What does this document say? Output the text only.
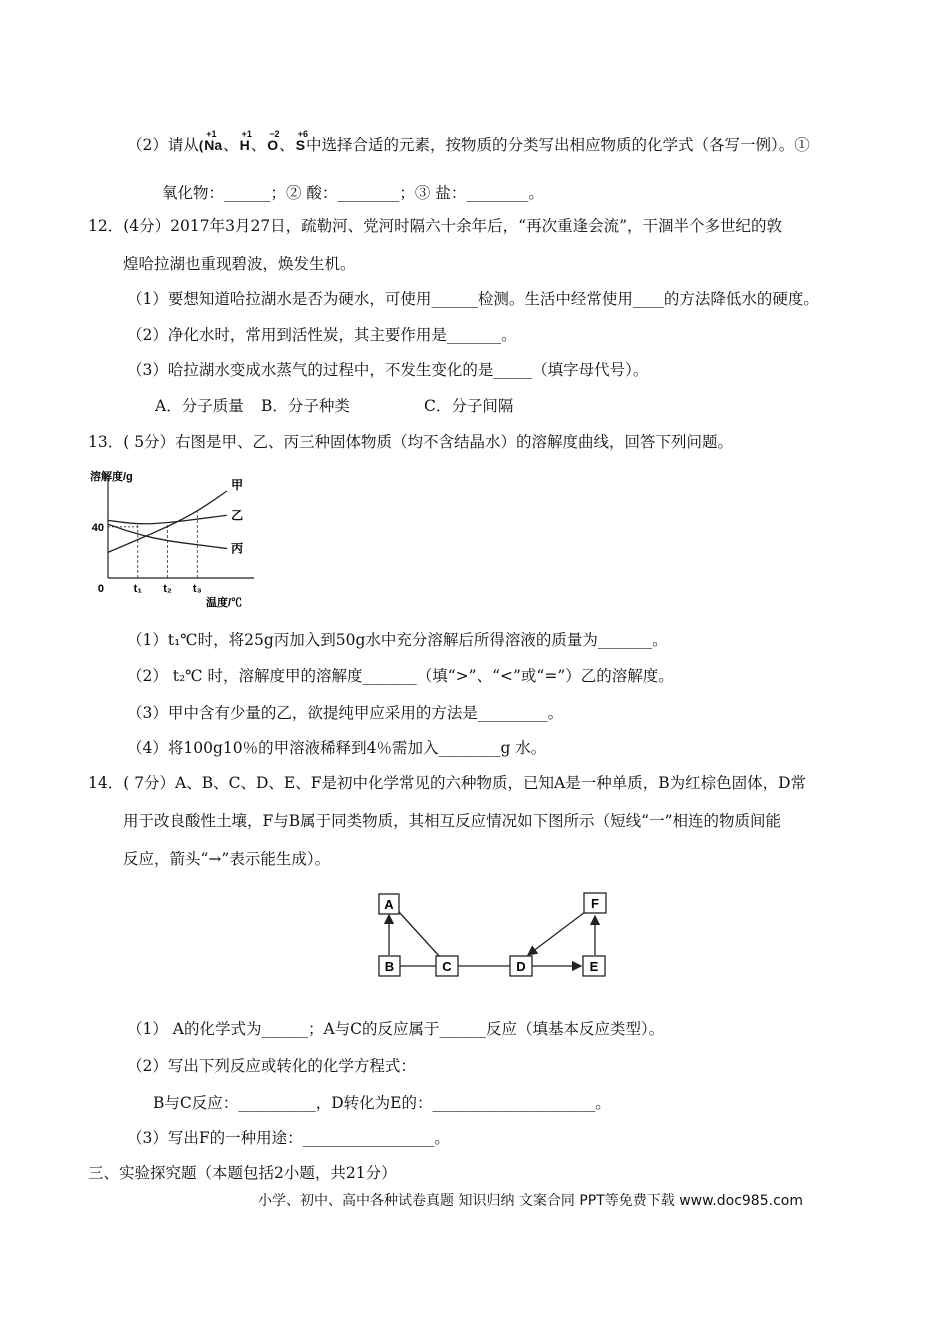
（2）请从(
+1
Na、
+1
H、
−2
O、
+6
S中选择合适的元素，按物质的分类写出相应物质的化学式（各写一例）。①
氧化物：______；② 酸：________；③ 盐：________。
12．(4分）2017年3月27日，疏勒河、党河时隔六十余年后，“再次重逢会流”，干涸半个多世纪的敦
煌哈拉湖也重现碧波，焕发生机。
（1）要想知道哈拉湖水是否为硬水，可使用______检测。生活中经常使用____的方法降低水的硬度。
（2）净化水时，常用到活性炭，其主要作用是_______。
（3）哈拉湖水变成水蒸气的过程中，不发生变化的是_____（填字母代号）。
A．分子质量 B．分子种类	C．分子间隔
13．( 5分）右图是甲、乙、丙三种固体物质（均不含结晶水）的溶解度曲线，回答下列问题。
40
t₁ t₂ t₃
甲
乙
丙
溶解度/g
温度/℃
0
（1）t₁℃时，将25g丙加入到50g水中充分溶解后所得溶液的质量为_______。
（2） t₂℃ 时，溶解度甲的溶解度_______（填“>”、“<”或“=”）乙的溶解度。
（3）甲中含有少量的乙，欲提纯甲应采用的方法是_________。
（4）将100g10％的甲溶液稀释到4％需加入________g 水。
14．( 7分）A、B、C、D、E、F是初中化学常见的六种物质，已知A是一种单质，B为红棕色固体，D常
用于改良酸性土壤，F与B属于同类物质，其相互反应情况如下图所示（短线“一”相连的物质间能
反应，箭头“→”表示能生成）。
A
B	C	D	E
F
（1） A的化学式为______；A与C的反应属于______反应（填基本反应类型）。
（2）写出下列反应或转化的化学方程式：
B与C反应：__________，D转化为E的：_____________________。
（3）写出F的一种用途：_________________。
三、实验探究题（本题包括2小题，共21分）
小学、初中、高中各种试卷真题 知识归纳 文案合同 PPT等免费下载 www.doc985.com
